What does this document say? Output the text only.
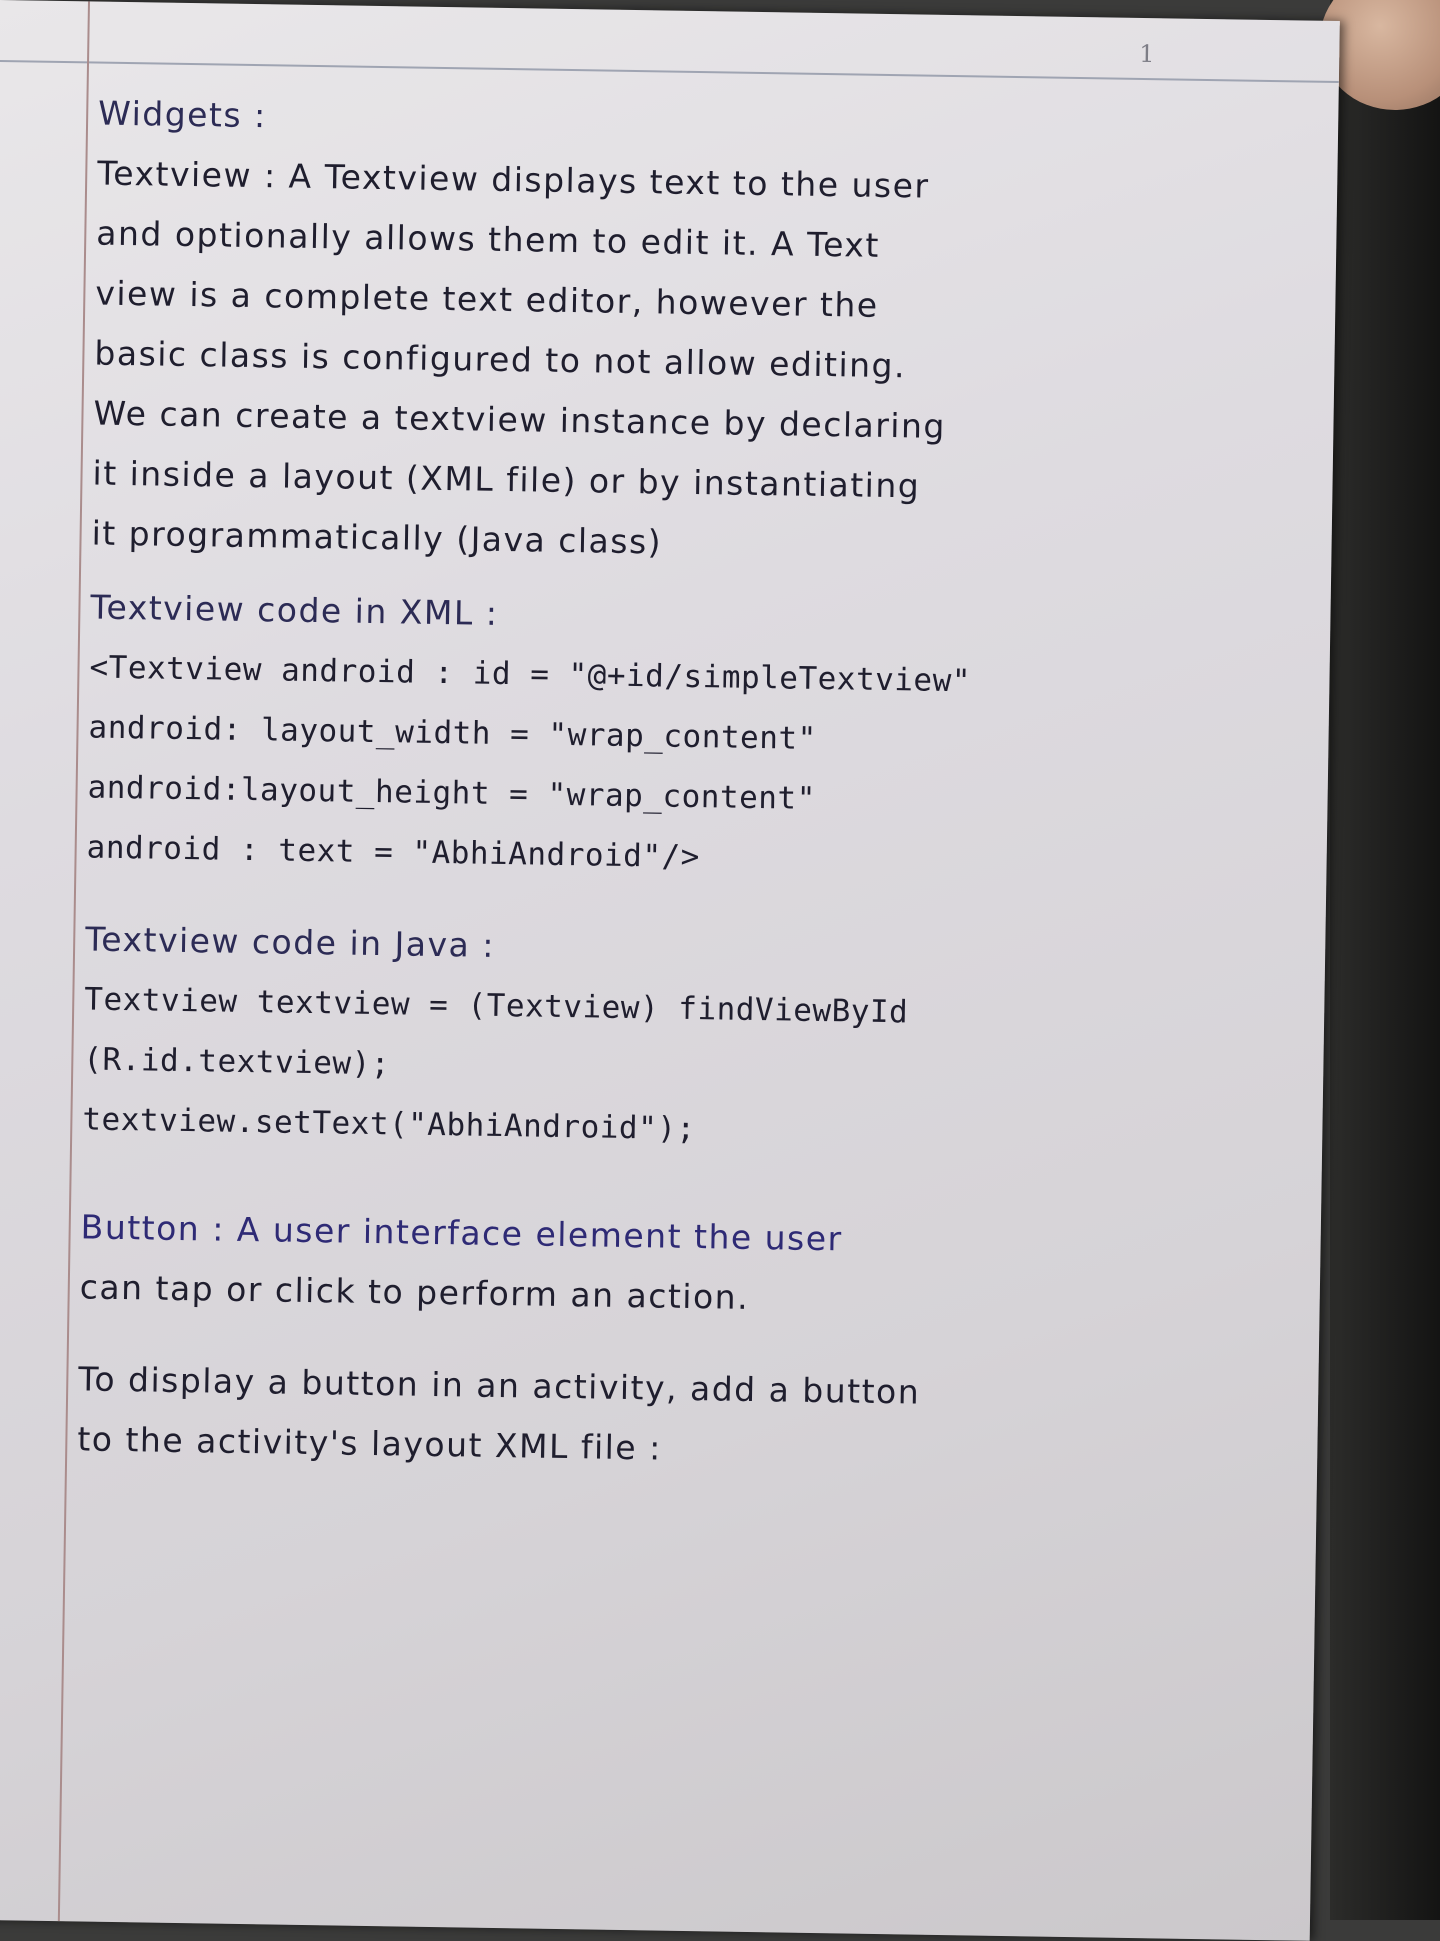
1
Widgets :
Textview : A Textview displays text to the user
and optionally allows them to edit it. A Text
view is a complete text editor, however the
basic class is configured to not allow editing.
We can create a textview instance by declaring
it inside a layout (XML file) or by instantiating
it programmatically (Java class)
Textview code in XML :
<Textview android : id = "@+id/simpleTextview"
android: layout_width = "wrap_content"
android:layout_height = "wrap_content"
android : text = "AbhiAndroid"/>
Textview code in Java :
Textview textview = (Textview) findViewById
(R.id.textview);
textview.setText("AbhiAndroid");
Button : A user interface element the user
can tap or click to perform an action.
To display a button in an activity, add a button
to the activity's layout XML file :
